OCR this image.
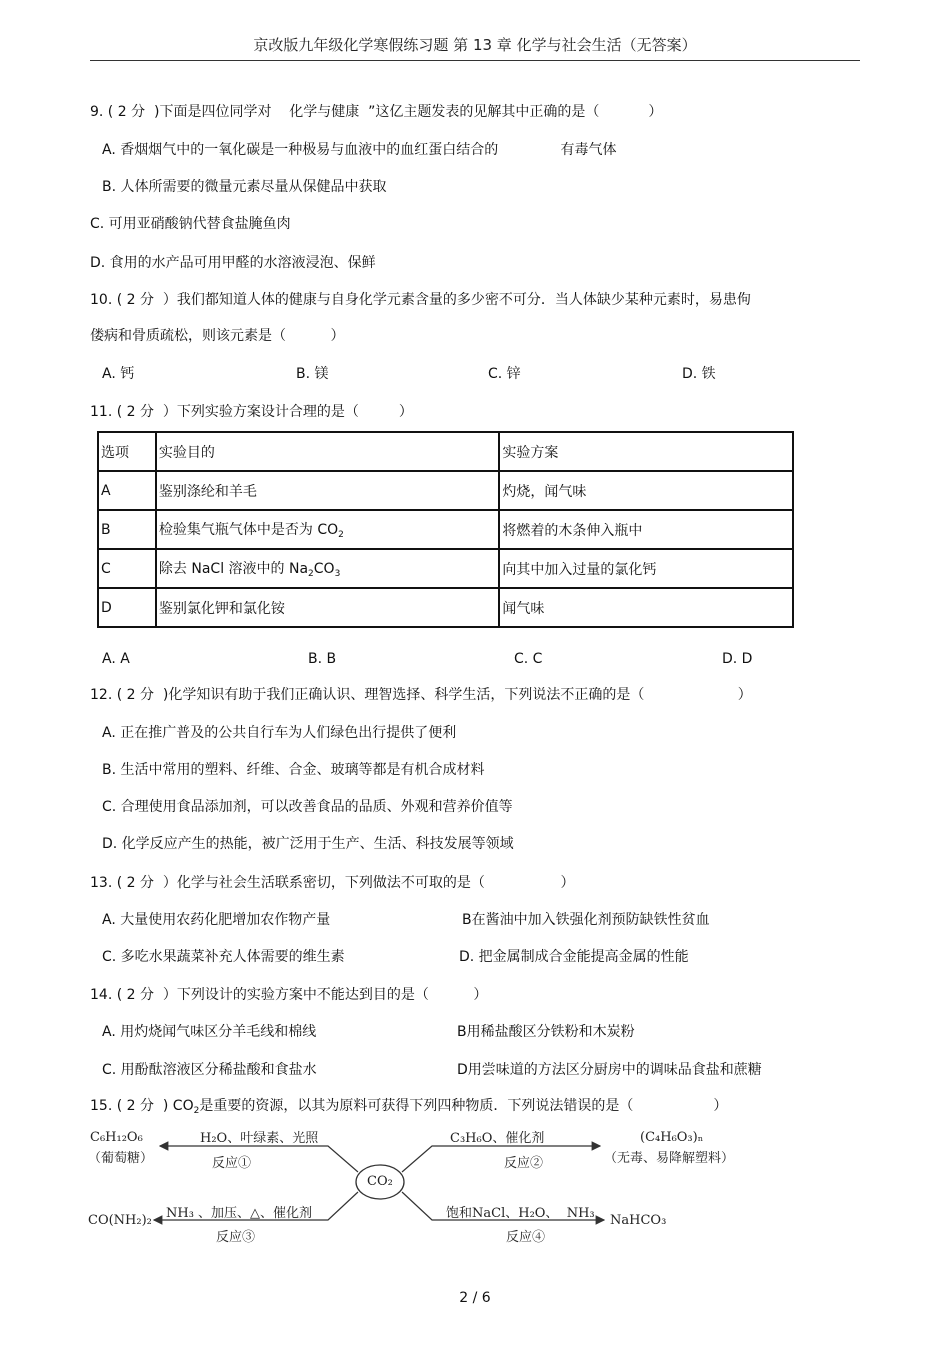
京改版九年级化学寒假练习题 第 13 章 化学与社会生活（无答案）
9. ( 2 分  )下面是四位同学对    化学与健康  ”这亿主题发表的见解其中正确的是（           ）
A. 香烟烟气中的一氧化碳是一种极易与血液中的血红蛋白结合的              有毒气体
B. 人体所需要的微量元素尽量从保健品中获取
C. 可用亚硝酸钠代替食盐腌鱼肉
D. 食用的水产品可用甲醛的水溶液浸泡、保鲜
10. ( 2 分  ）我们都知道人体的健康与自身化学元素含量的多少密不可分．当人体缺少某种元素时，易患佝
偻病和骨质疏松，则该元素是（          ）
A. 钙	B. 镁	C. 锌	D. 铁
11. ( 2 分  ）下列实验方案设计合理的是（         ）
选项	实验目的	实验方案
A	鉴别涤纶和羊毛	灼烧，闻气味
B	检验集气瓶气体中是否为 $CO_2$	将燃着的木条伸入瓶中
C	除去 NaCl 溶液中的 $Na_2CO_3$	向其中加入过量的氯化钙
D	鉴别氯化钾和氯化铵	闻气味
A. A	B. B	C. C	D. D
12. ( 2 分  )化学知识有助于我们正确认识、理智选择、科学生活，下列说法不正确的是（                     ）
A. 正在推广普及的公共自行车为人们绿色出行提供了便利
B. 生活中常用的塑料、纤维、合金、玻璃等都是有机合成材料
C. 合理使用食品添加剂，可以改善食品的品质、外观和营养价值等
D. 化学反应产生的热能，被广泛用于生产、生活、科技发展等领域
13. ( 2 分  ）化学与社会生活联系密切，下列做法不可取的是（                 ）
A. 大量使用农药化肥增加农作物产量	B在酱油中加入铁强化剂预防缺铁性贫血
C. 多吃水果蔬菜补充人体需要的维生素	D. 把金属制成合金能提高金属的性能
14. ( 2 分  ）下列设计的实验方案中不能达到目的是（          ）
A. 用灼烧闻气味区分羊毛线和棉线	B用稀盐酸区分铁粉和木炭粉
C. 用酚酞溶液区分稀盐酸和食盐水	D用尝味道的方法区分厨房中的调味品食盐和蔗糖
15. ( 2 分  ) $CO_2$是重要的资源，以其为原料可获得下列四种物质．下列说法错误的是（                  ）
CO₂
C₆H₁₂O₆
（葡萄糖）
H₂O、叶绿素、光照
反应①
C₃H₆O、催化剂
反应②
(C₄H₆O₃)ₙ
（无毒、易降解塑料）
CO(NH₂)₂ NH₃ 、加压、△、催化剂
反应③
饱和NaCl、H₂O、  NH₃
反应④
NaHCO₃
2 / 6
